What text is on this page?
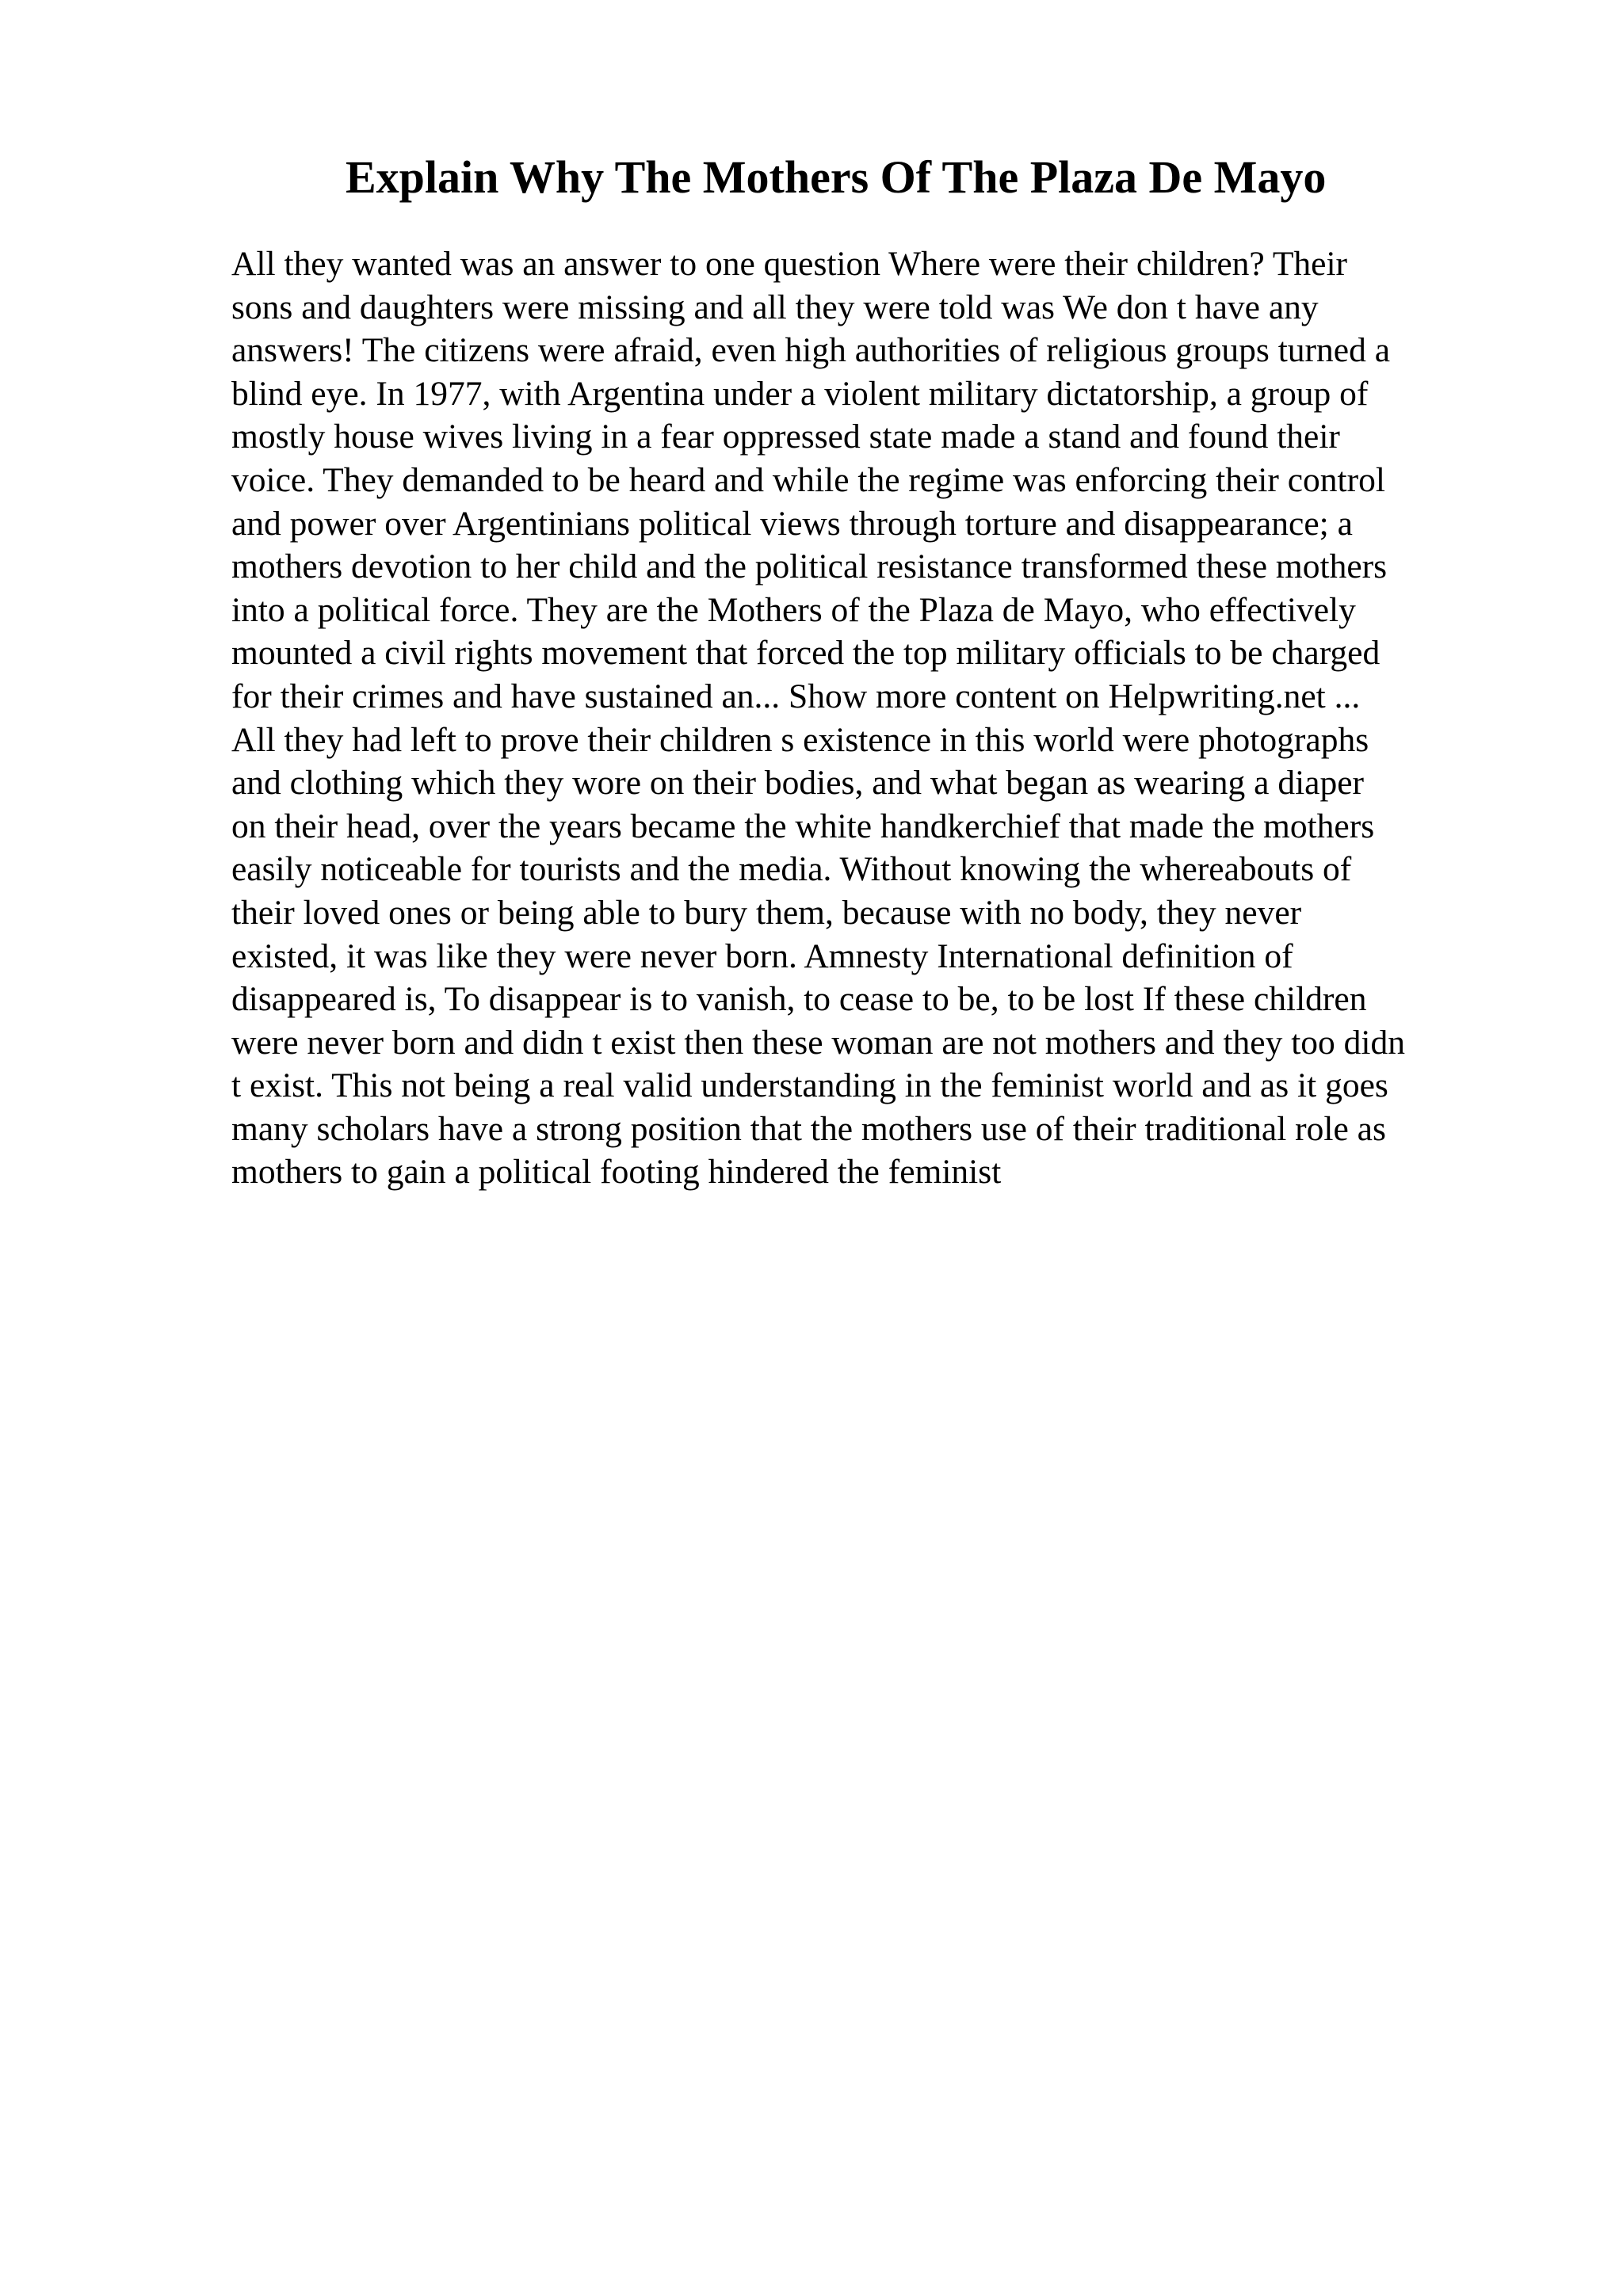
Explain Why The Mothers Of The Plaza De Mayo
All they wanted was an answer to one question Where were their children? Their
sons and daughters were missing and all they were told was We don t have any
answers! The citizens were afraid, even high authorities of religious groups turned a
blind eye. In 1977, with Argentina under a violent military dictatorship, a group of
mostly house wives living in a fear oppressed state made a stand and found their
voice. They demanded to be heard and while the regime was enforcing their control
and power over Argentinians political views through torture and disappearance; a
mothers devotion to her child and the political resistance transformed these mothers
into a political force. They are the Mothers of the Plaza de Mayo, who effectively
mounted a civil rights movement that forced the top military officials to be charged
for their crimes and have sustained an... Show more content on Helpwriting.net ...
All they had left to prove their children s existence in this world were photographs
and clothing which they wore on their bodies, and what began as wearing a diaper
on their head, over the years became the white handkerchief that made the mothers
easily noticeable for tourists and the media. Without knowing the whereabouts of
their loved ones or being able to bury them, because with no body, they never
existed, it was like they were never born. Amnesty International definition of
disappeared is, To disappear is to vanish, to cease to be, to be lost If these children
were never born and didn t exist then these woman are not mothers and they too didn
t exist. This not being a real valid understanding in the feminist world and as it goes
many scholars have a strong position that the mothers use of their traditional role as
mothers to gain a political footing hindered the feminist
